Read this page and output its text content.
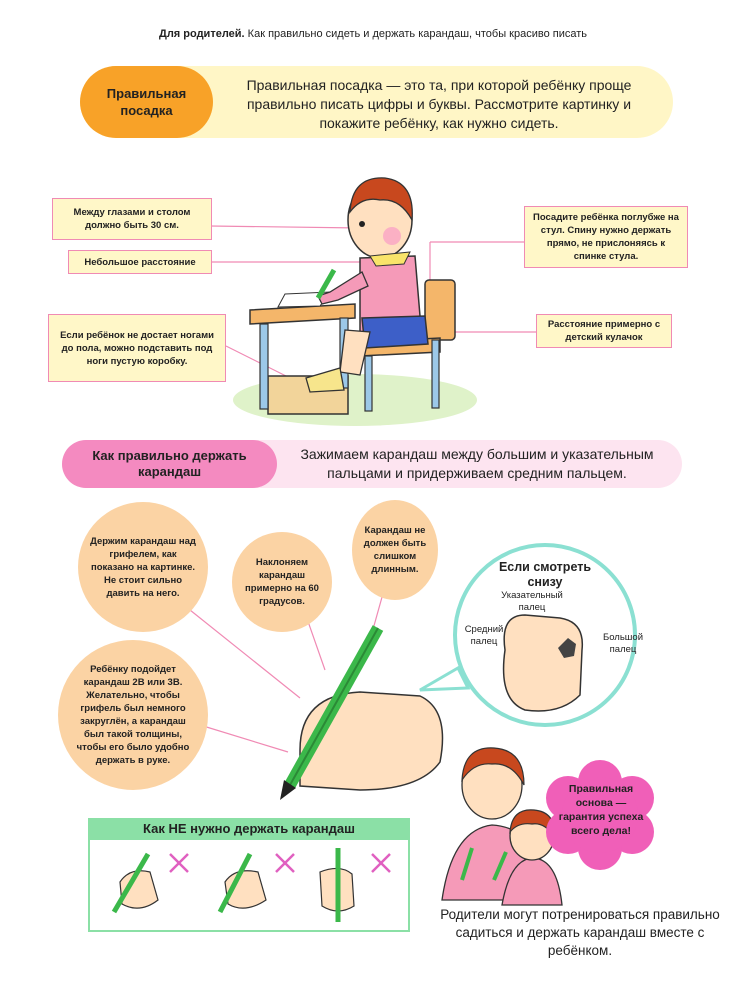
Для родителей. Как правильно сидеть и держать карандаш, чтобы красиво писать
Правильная посадка
Правильная посадка — это та, при которой ребёнку проще правильно писать цифры и буквы. Рассмотрите картинку и покажите ребёнку, как нужно сидеть.
Между глазами и столом должно быть 30 см.
Небольшое расстояние
Если ребёнок не достает ногами до пола, можно подставить под ноги пустую коробку.
Посадите ребёнка поглубже на стул. Спину нужно держать прямо, не прислоняясь к спинке стула.
Расстояние примерно с детский кулачок
Как правильно держать карандаш
Зажимаем карандаш между большим и указательным пальцами и придерживаем средним пальцем.
Держим карандаш над грифелем, как показано на картинке. Не стоит сильно давить на него.
Наклоняем карандаш примерно на 60 градусов.
Карандаш не должен быть слишком длинным.
Ребёнку подойдет карандаш 2В или 3В. Желательно, чтобы грифель был немного закруглён, а карандаш был такой толщины, чтобы его было удобно держать в руке.
Если смотреть снизу
Указательный палец
Средний палец	Большой палец
Как НЕ нужно держать карандаш
Правильная основа — гарантия успеха всего дела!
Родители могут потренироваться правильно садиться и держать карандаш вместе с ребёнком.
